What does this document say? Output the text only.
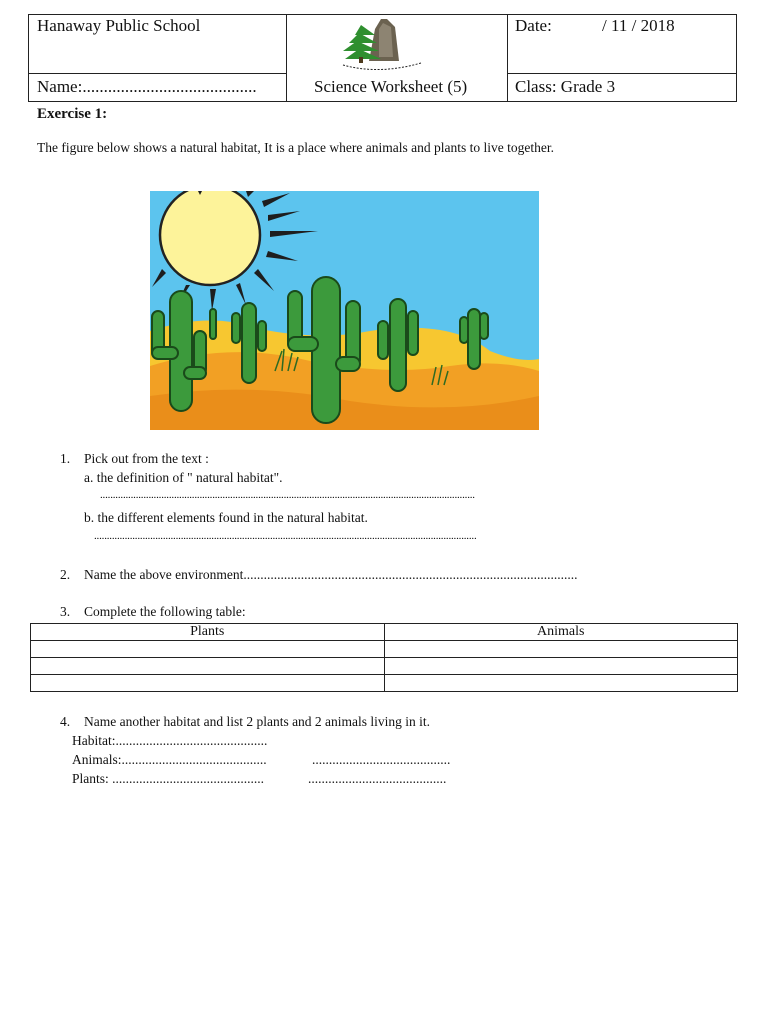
Hanaway Public School	Date:	/ 11 / 2018
Name:.........................................	Science Worksheet (5)	Class: Grade 3
Exercise 1:
The figure below shows a natural habitat, It is a place where animals and plants to live together.
1. Pick out from the text :
a. the definition of " natural habitat".
...................................................................................................................................................
b. the different elements found in the natural habitat.
......................................................................................................................................................
2. Name the above environment...................................................................................................
3. Complete the following table:
Plants	Animals

4. Name another habitat and list 2 plants and 2 animals living in it.
Habitat:.............................................
Animals:...........................................	.........................................
Plants: .............................................	.........................................
